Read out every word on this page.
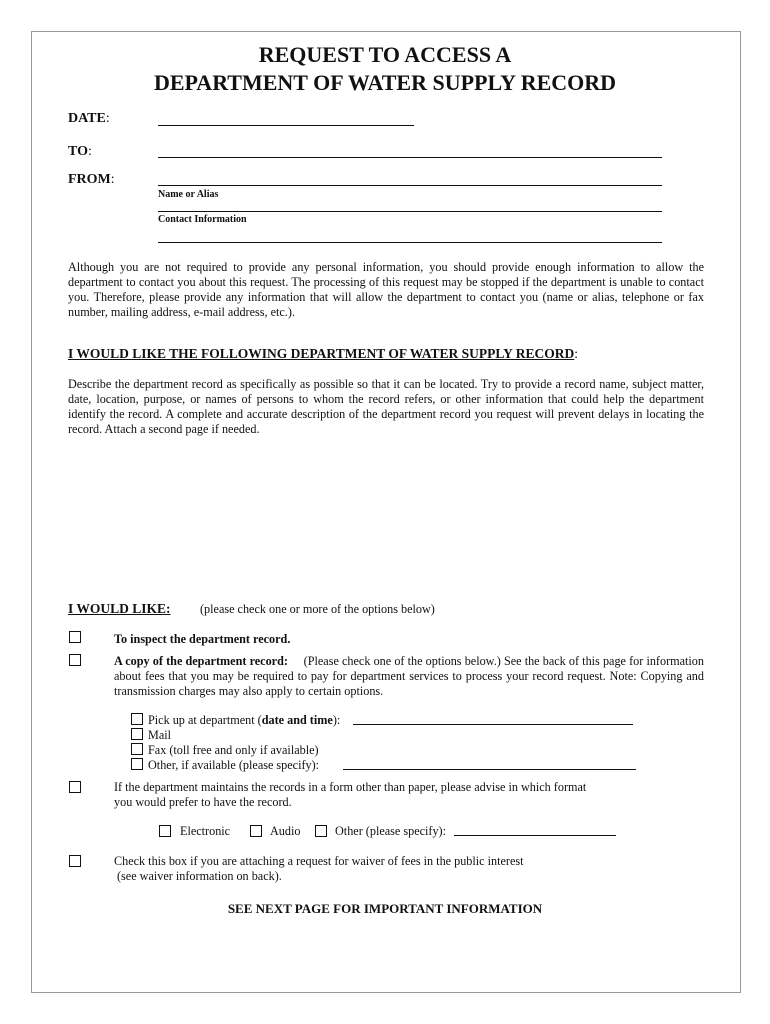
REQUEST TO ACCESS A
DEPARTMENT OF WATER SUPPLY RECORD
DATE:
TO:
FROM:
Name or Alias
Contact Information
Although you are not required to provide any personal information, you should provide enough information to allow the department to contact you about this request. The processing of this request may be stopped if the department is unable to contact you. Therefore, please provide any information that will allow the department to contact you (name or alias, telephone or fax number, mailing address, e-mail address, etc.).
I WOULD LIKE THE FOLLOWING DEPARTMENT OF WATER SUPPLY RECORD:
Describe the department record as specifically as possible so that it can be located. Try to provide a record name, subject matter, date, location, purpose, or names of persons to whom the record refers, or other information that could help the department identify the record. A complete and accurate description of the department record you request will prevent delays in locating the record. Attach a second page if needed.
I WOULD LIKE: (please check one or more of the options below)
To inspect the department record.
A copy of the department record: (Please check one of the options below.) See the back of this page for information about fees that you may be required to pay for department services to process your record request. Note: Copying and transmission charges may also apply to certain options.
Pick up at department (date and time):
Mail
Fax (toll free and only if available)
Other, if available (please specify):
If the department maintains the records in a form other than paper, please advise in which format
you would prefer to have the record.
Electronic	Audio	Other (please specify):
Check this box if you are attaching a request for waiver of fees in the public interest
(see waiver information on back).
SEE NEXT PAGE FOR IMPORTANT INFORMATION
